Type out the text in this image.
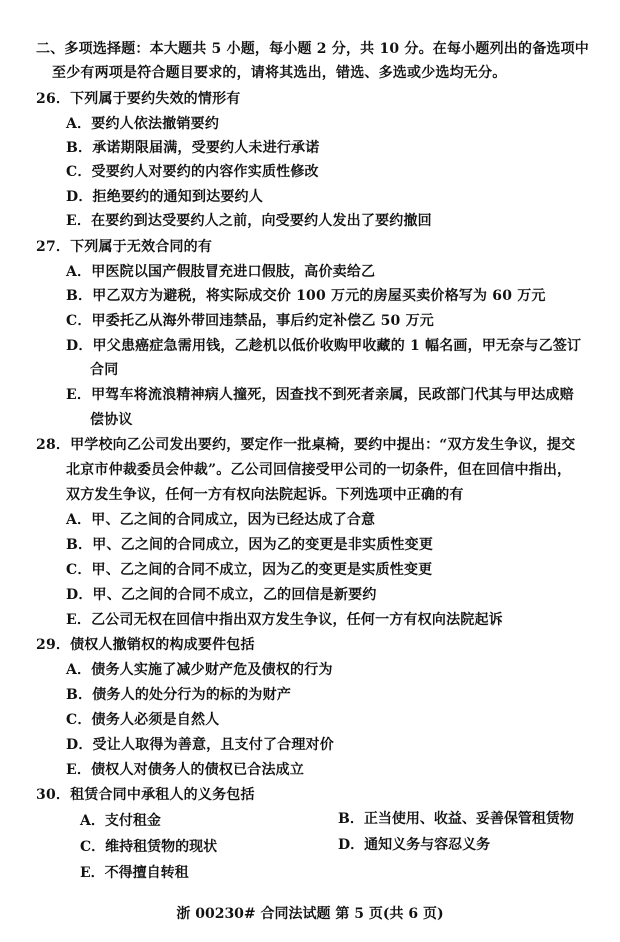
二、多项选择题：本大题共 5 小题，每小题 2 分，共 10 分。在每小题列出的备选项中
至少有两项是符合题目要求的，请将其选出，错选、多选或少选均无分。
26．下列属于要约失效的情形有
A．要约人依法撤销要约
B．承诺期限届满，受要约人未进行承诺
C．受要约人对要约的内容作实质性修改
D．拒绝要约的通知到达要约人
E．在要约到达受要约人之前，向受要约人发出了要约撤回
27．下列属于无效合同的有
A．甲医院以国产假肢冒充进口假肢，高价卖给乙
B．甲乙双方为避税，将实际成交价 100 万元的房屋买卖价格写为 60 万元
C．甲委托乙从海外带回违禁品，事后约定补偿乙 50 万元
D．甲父患癌症急需用钱，乙趁机以低价收购甲收藏的 1 幅名画，甲无奈与乙签订
合同
E．甲驾车将流浪精神病人撞死，因查找不到死者亲属，民政部门代其与甲达成赔
偿协议
28．甲学校向乙公司发出要约，要定作一批桌椅，要约中提出：“双方发生争议，提交
北京市仲裁委员会仲裁”。乙公司回信接受甲公司的一切条件，但在回信中指出，
双方发生争议，任何一方有权向法院起诉。下列选项中正确的有
A．甲、乙之间的合同成立，因为已经达成了合意
B．甲、乙之间的合同成立，因为乙的变更是非实质性变更
C．甲、乙之间的合同不成立，因为乙的变更是实质性变更
D．甲、乙之间的合同不成立，乙的回信是新要约
E．乙公司无权在回信中指出双方发生争议，任何一方有权向法院起诉
29．债权人撤销权的构成要件包括
A．债务人实施了减少财产危及债权的行为
B．债务人的处分行为的标的为财产
C．债务人必须是自然人
D．受让人取得为善意，且支付了合理对价
E．债权人对债务人的债权已合法成立
30．租赁合同中承租人的义务包括
A．支付租金	B．正当使用、收益、妥善保管租赁物
C．维持租赁物的现状	D．通知义务与容忍义务
E．不得擅自转租
浙 00230# 合同法试题 第 5 页(共 6 页)
